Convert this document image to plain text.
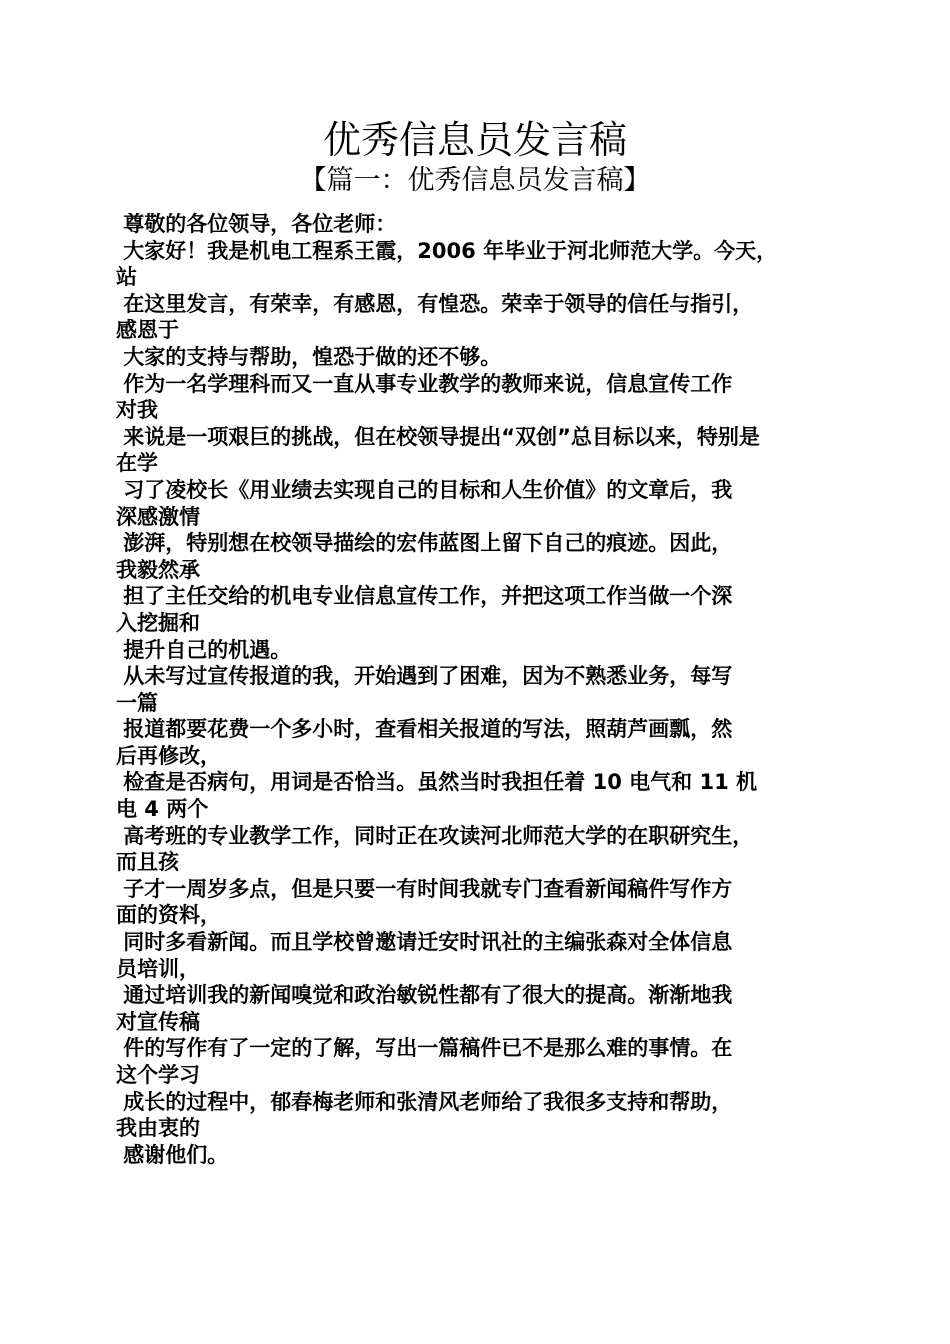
优秀信息员发言稿
【篇一：优秀信息员发言稿】
尊敬的各位领导，各位老师：
大家好！我是机电工程系王霞，2006 年毕业于河北师范大学。今天，
站
在这里发言，有荣幸，有感恩，有惶恐。荣幸于领导的信任与指引，
感恩于
大家的支持与帮助，惶恐于做的还不够。
作为一名学理科而又一直从事专业教学的教师来说，信息宣传工作
对我
来说是一项艰巨的挑战，但在校领导提出“双创”总目标以来，特别是
在学
习了凌校长《用业绩去实现自己的目标和人生价值》的文章后，我
深感激情
澎湃，特别想在校领导描绘的宏伟蓝图上留下自己的痕迹。因此，
我毅然承
担了主任交给的机电专业信息宣传工作，并把这项工作当做一个深
入挖掘和
提升自己的机遇。
从未写过宣传报道的我，开始遇到了困难，因为不熟悉业务，每写
一篇
报道都要花费一个多小时，查看相关报道的写法，照葫芦画瓢，然
后再修改，
检查是否病句，用词是否恰当。虽然当时我担任着 10 电气和 11 机
电 4 两个
高考班的专业教学工作，同时正在攻读河北师范大学的在职研究生，
而且孩
子才一周岁多点，但是只要一有时间我就专门查看新闻稿件写作方
面的资料，
同时多看新闻。而且学校曾邀请迁安时讯社的主编张森对全体信息
员培训，
通过培训我的新闻嗅觉和政治敏锐性都有了很大的提高。渐渐地我
对宣传稿
件的写作有了一定的了解，写出一篇稿件已不是那么难的事情。在
这个学习
成长的过程中，郁春梅老师和张清风老师给了我很多支持和帮助，
我由衷的
感谢他们。
